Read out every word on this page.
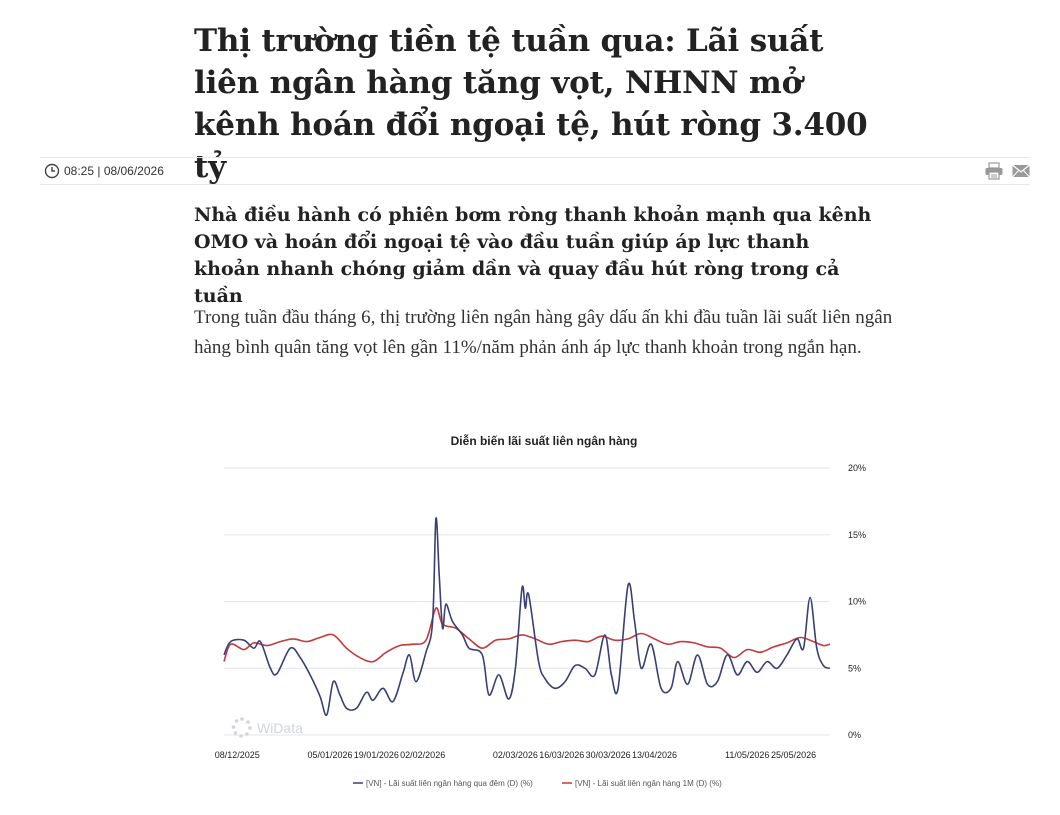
Thị trường tiền tệ tuần qua: Lãi suất liên ngân hàng tăng vọt, NHNN mở kênh hoán đổi ngoại tệ, hút ròng 3.400 tỷ
08:25 | 08/06/2026

Nhà điều hành có phiên bơm ròng thanh khoản mạnh qua kênh OMO và hoán đổi ngoại tệ vào đầu tuần giúp áp lực thanh khoản nhanh chóng giảm dần và quay đầu hút ròng trong cả tuần

Trong tuần đầu tháng 6, thị trường liên ngân hàng gây dấu ấn khi đầu tuần lãi suất liên ngân hàng bình quân tăng vọt lên gần 11%/năm phản ánh áp lực thanh khoản trong ngắn hạn.

Diễn biến lãi suất liên ngân hàng
WiData
20%
15%
10%
5%
0%
08/12/2025	05/01/2026 19/01/2026 02/02/2026	02/03/2026 16/03/2026 30/03/2026 13/04/2026	11/05/2026 25/05/2026
[VN] - Lãi suất liên ngân hàng qua đêm (D) (%)	[VN] - Lãi suất liên ngân hàng 1M (D) (%)
